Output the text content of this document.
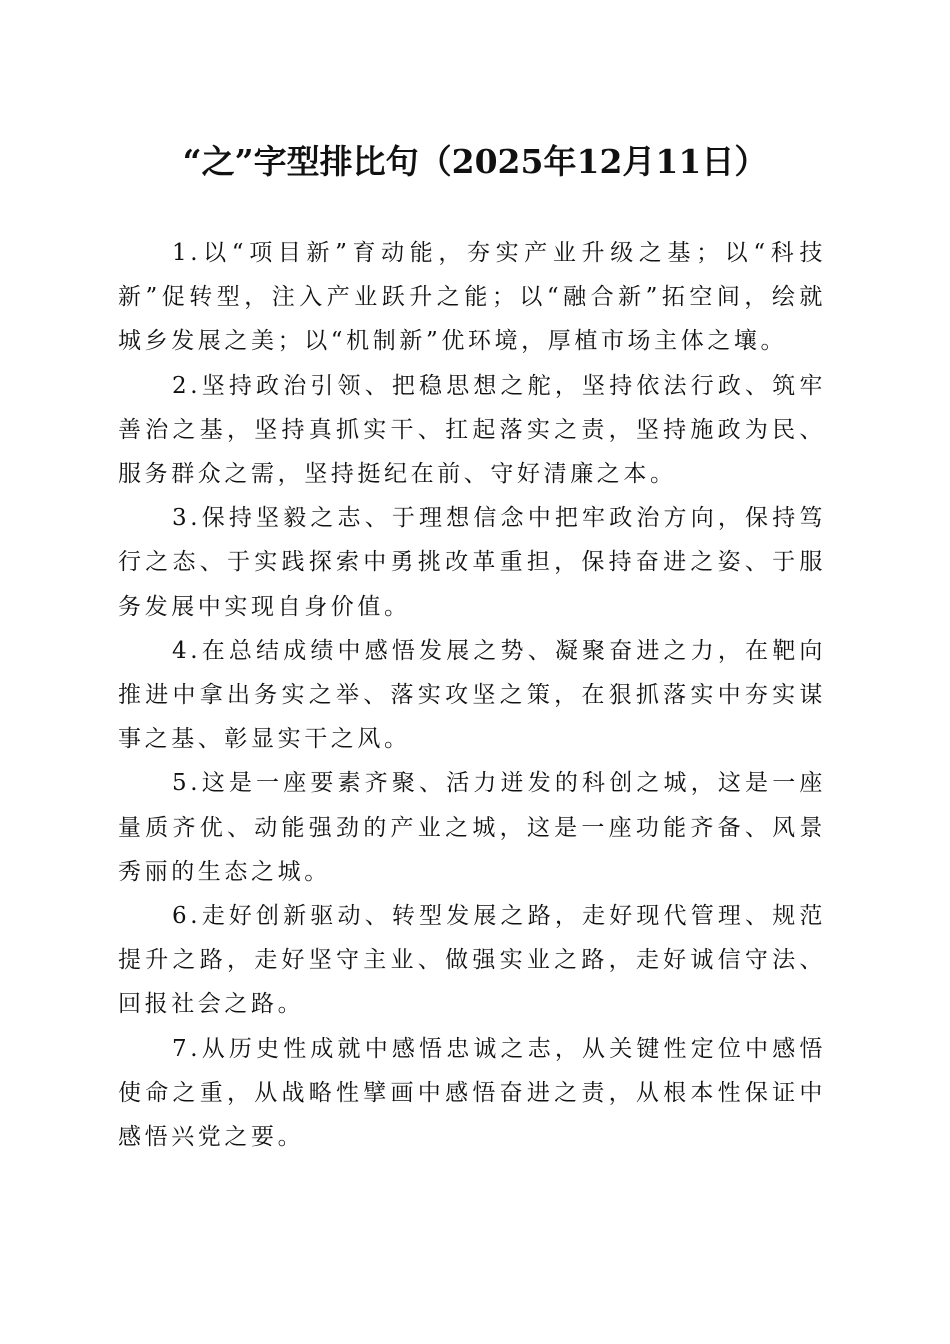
“之”字型排比句（2025年12月11日）

1.以“项目新”育动能，夯实产业升级之基；以“科技新”促转型，注入产业跃升之能；以“融合新”拓空间，绘就城乡发展之美；以“机制新”优环境，厚植市场主体之壤。

2.坚持政治引领、把稳思想之舵，坚持依法行政、筑牢善治之基，坚持真抓实干、扛起落实之责，坚持施政为民、服务群众之需，坚持挺纪在前、守好清廉之本。

3.保持坚毅之志、于理想信念中把牢政治方向，保持笃行之态、于实践探索中勇挑改革重担，保持奋进之姿、于服务发展中实现自身价值。

4.在总结成绩中感悟发展之势、凝聚奋进之力，在靶向推进中拿出务实之举、落实攻坚之策，在狠抓落实中夯实谋事之基、彰显实干之风。

5.这是一座要素齐聚、活力迸发的科创之城，这是一座量质齐优、动能强劲的产业之城，这是一座功能齐备、风景秀丽的生态之城。

6.走好创新驱动、转型发展之路，走好现代管理、规范提升之路，走好坚守主业、做强实业之路，走好诚信守法、回报社会之路。

7.从历史性成就中感悟忠诚之志，从关键性定位中感悟使命之重，从战略性擘画中感悟奋进之责，从根本性保证中感悟兴党之要。
